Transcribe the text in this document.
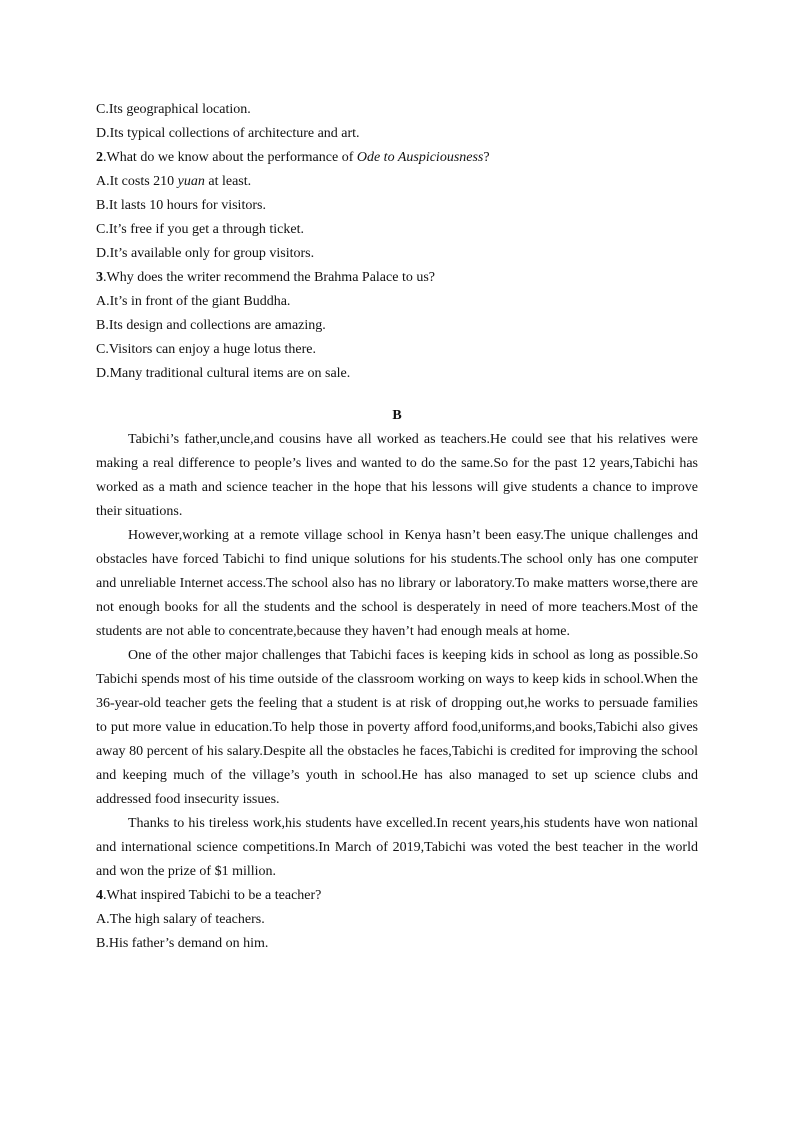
C.Its geographical location.
D.Its typical collections of architecture and art.
2.What do we know about the performance of Ode to Auspiciousness?
A.It costs 210 yuan at least.
B.It lasts 10 hours for visitors.
C.It’s free if you get a through ticket.
D.It’s available only for group visitors.
3.Why does the writer recommend the Brahma Palace to us?
A.It’s in front of the giant Buddha.
B.Its design and collections are amazing.
C.Visitors can enjoy a huge lotus there.
D.Many traditional cultural items are on sale.
B
Tabichi’s father,uncle,and cousins have all worked as teachers.He could see that his relatives were making a real difference to people’s lives and wanted to do the same.So for the past 12 years,Tabichi has worked as a math and science teacher in the hope that his lessons will give students a chance to improve their situations.
However,working at a remote village school in Kenya hasn’t been easy.The unique challenges and obstacles have forced Tabichi to find unique solutions for his students.The school only has one computer and unreliable Internet access.The school also has no library or laboratory.To make matters worse,there are not enough books for all the students and the school is desperately in need of more teachers.Most of the students are not able to concentrate,because they haven’t had enough meals at home.
One of the other major challenges that Tabichi faces is keeping kids in school as long as possible.So Tabichi spends most of his time outside of the classroom working on ways to keep kids in school.When the 36-year-old teacher gets the feeling that a student is at risk of dropping out,he works to persuade families to put more value in education.To help those in poverty afford food,uniforms,and books,Tabichi also gives away 80 percent of his salary.Despite all the obstacles he faces,Tabichi is credited for improving the school and keeping much of the village’s youth in school.He has also managed to set up science clubs and addressed food insecurity issues.
Thanks to his tireless work,his students have excelled.In recent years,his students have won national and international science competitions.In March of 2019,Tabichi was voted the best teacher in the world and won the prize of $1 million.
4.What inspired Tabichi to be a teacher?
A.The high salary of teachers.
B.His father’s demand on him.
